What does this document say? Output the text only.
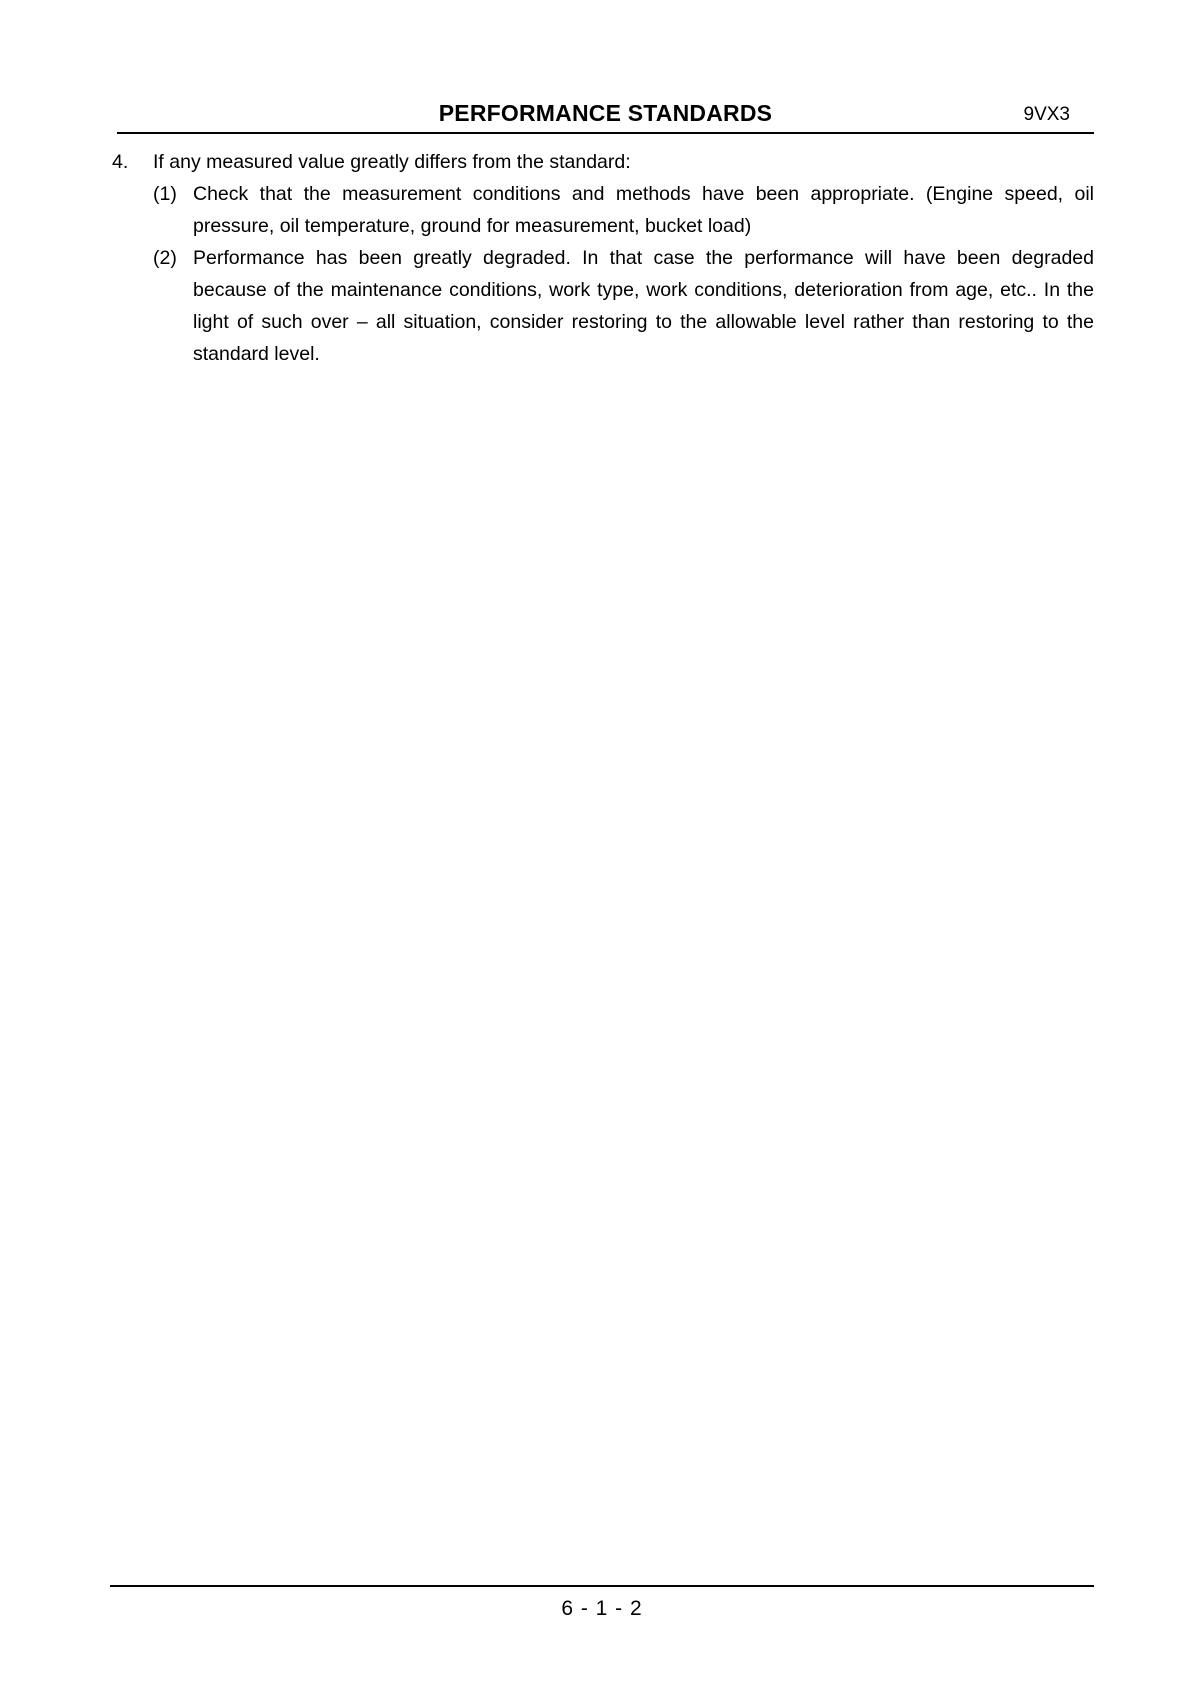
PERFORMANCE STANDARDS	9VX3
4.	If any measured value greatly differs from the standard:
(1) Check that the measurement conditions and methods have been appropriate. (Engine speed, oil pressure, oil temperature, ground for measurement, bucket load)
(2) Performance has been greatly degraded. In that case the performance will have been degraded because of the maintenance conditions, work type, work conditions, deterioration from age, etc.. In the light of such over – all situation, consider restoring to the allowable level rather than restoring to the standard level.
6 - 1 - 2
